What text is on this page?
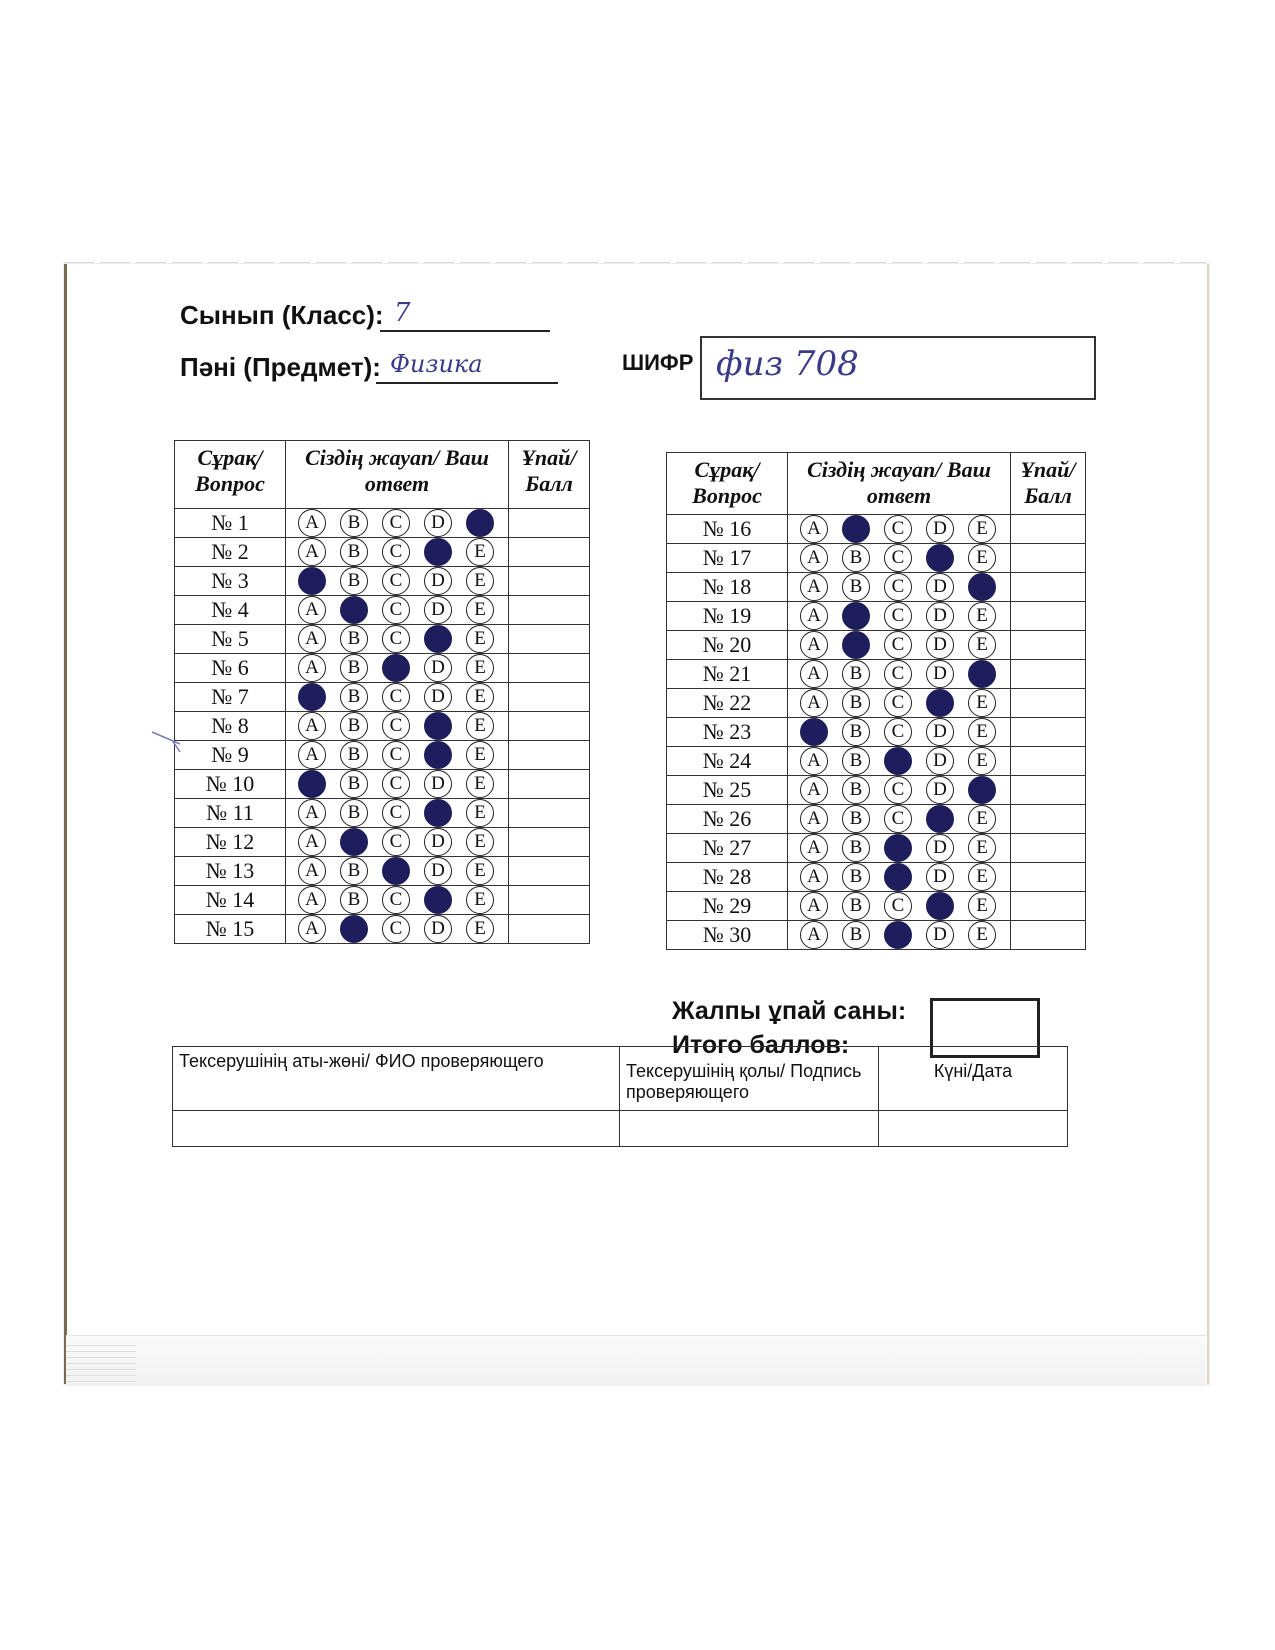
Сынып (Класс): 7
Пәні (Предмет): Физика	ШИФР физ 708
Сұрақ/ Вопрос	Сіздің жауап/ Ваш ответ	Ұпай/ Балл
№ 1	A B C D	
№ 2	A B C E	
№ 3	B C D E	
№ 4	A C D E	
№ 5	A B C E	
№ 6	A B D E	
№ 7	B C D E	
№ 8	A B C E	
№ 9	A B C E	
№ 10	B C D E	
№ 11	A B C E	
№ 12	A C D E	
№ 13	A B D E	
№ 14	A B C E	
№ 15	A C D E	
Сұрақ/ Вопрос	Сіздің жауап/ Ваш ответ	Ұпай/ Балл
№ 16	A C D E	
№ 17	A B C E	
№ 18	A B C D	
№ 19	A C D E	
№ 20	A C D E	
№ 21	A B C D	
№ 22	A B C E	
№ 23	B C D E	
№ 24	A B D E	
№ 25	A B C D	
№ 26	A B C E	
№ 27	A B D E	
№ 28	A B D E	
№ 29	A B C E	
№ 30	A B D E	
Жалпы ұпай саны:
Итого баллов:
Тексерушінің аты-жөні/ ФИО проверяющего	Тексерушінің қолы/ Подпись проверяющего	Күні/Дата
